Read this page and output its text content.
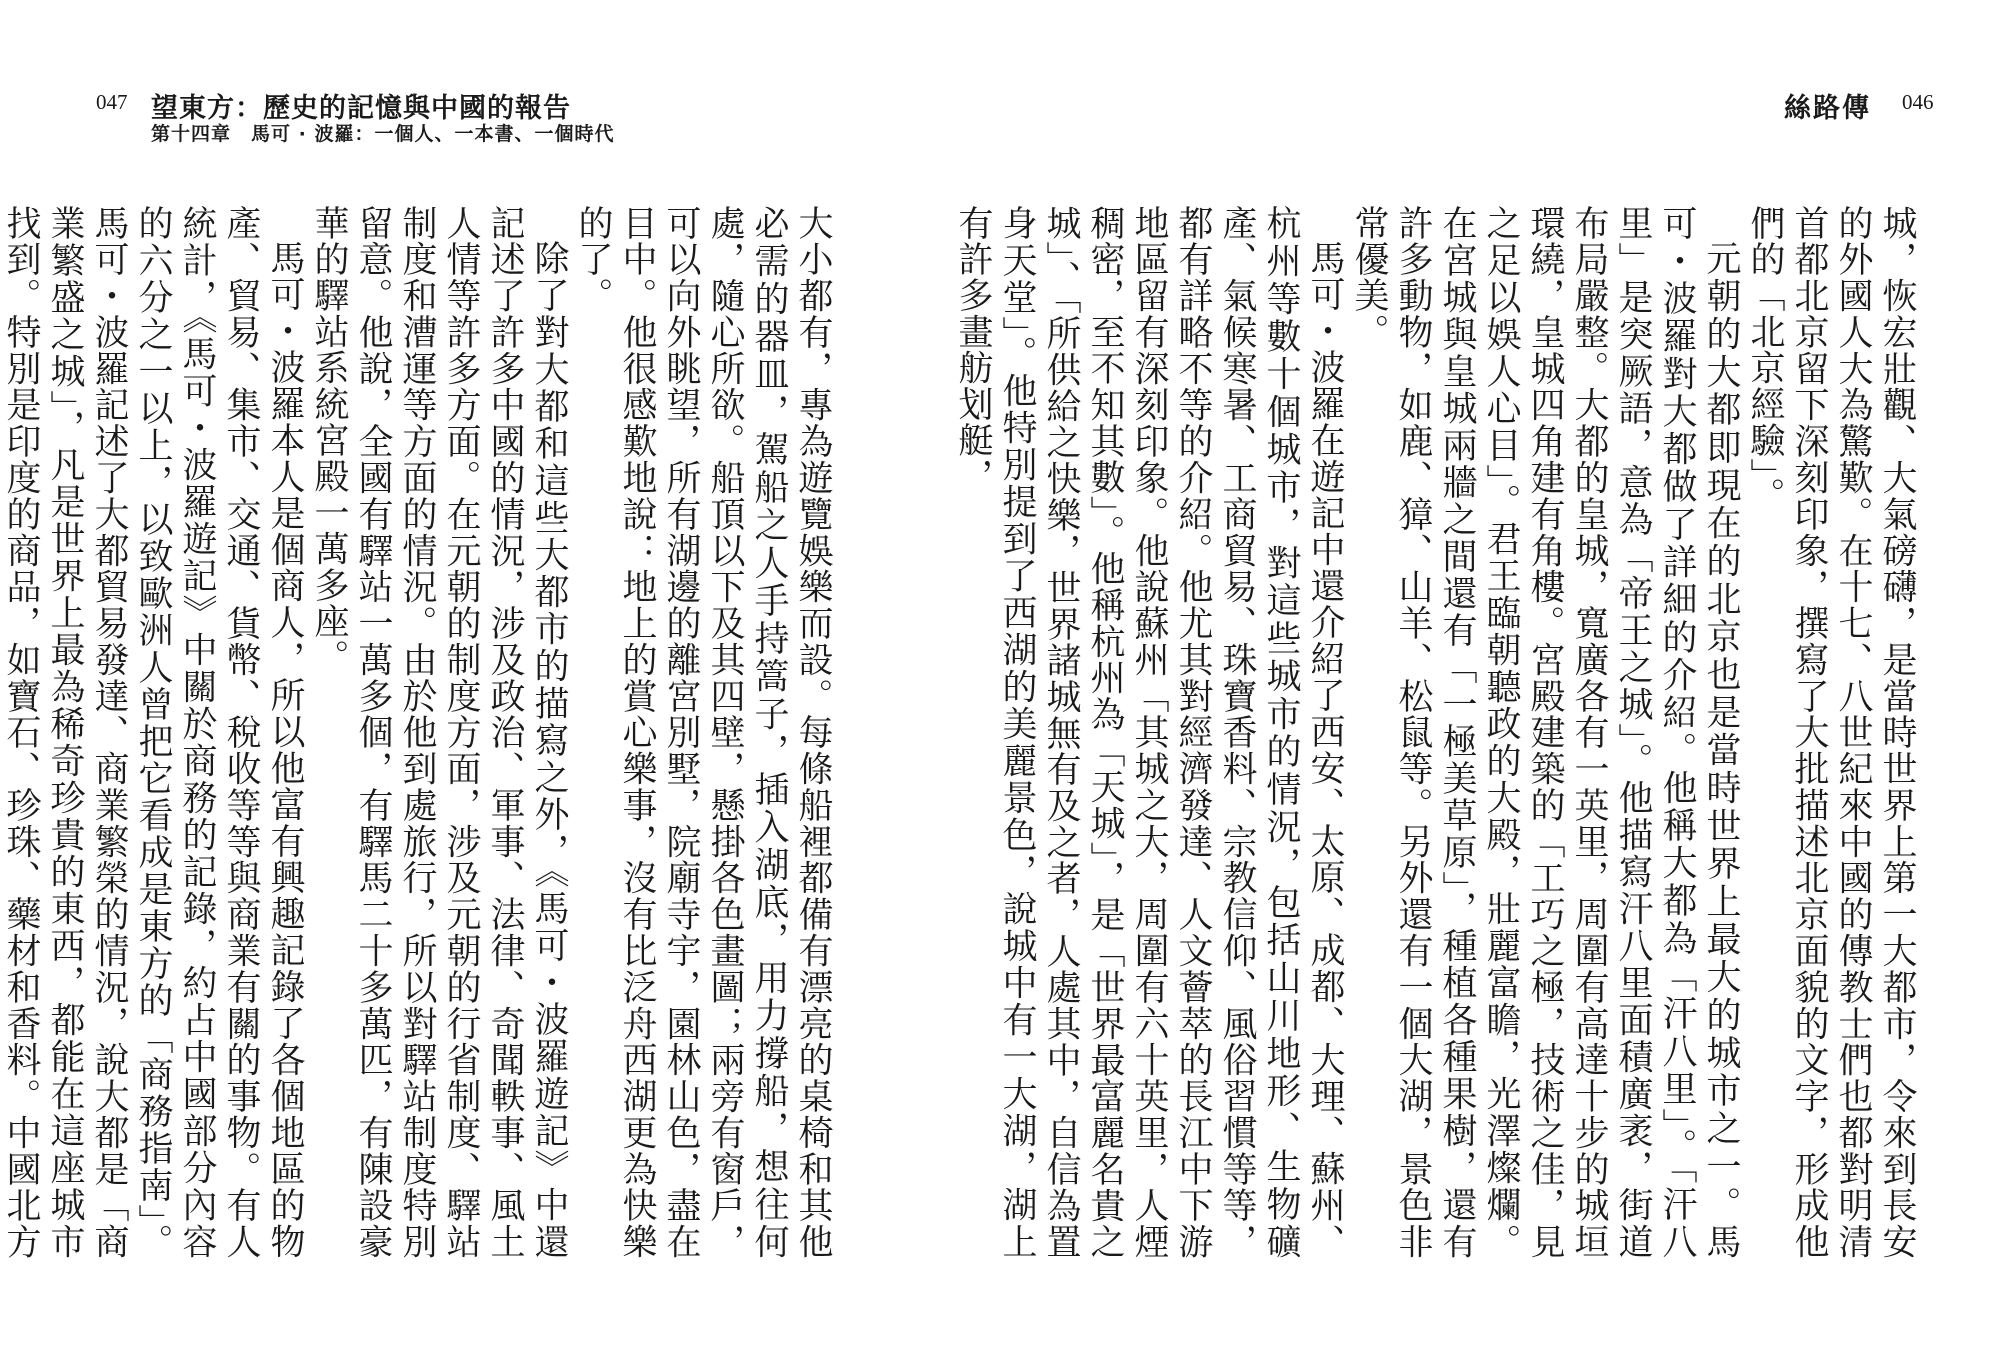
047 望東方：歷史的記憶與中國的報告
第十四章　馬可 · 波羅：一個人、一本書、一個時代

大小都有，專為遊覽娛樂而設。每條船裡都備有漂亮的桌椅和其他必需的器皿，駕船之人手持篙子，插入湖底，用力撐船，想往何處，隨心所欲。船頂以下及其四壁，懸掛各色畫圖；兩旁有窗戶，可以向外眺望，所有湖邊的離宮別墅，院廟寺宇，園林山色，盡在目中。他很感歎地說：地上的賞心樂事，沒有比泛舟西湖更為快樂的了。

除了對大都和這些大都市的描寫之外，《馬可・波羅遊記》中還記述了許多中國的情況，涉及政治、軍事、法律、奇聞軼事、風土人情等許多方面。在元朝的制度方面，涉及元朝的行省制度、驛站制度和漕運等方面的情況。由於他到處旅行，所以對驛站制度特別留意。他說，全國有驛站一萬多個，有驛馬二十多萬匹，有陳設豪華的驛站系統宮殿一萬多座。

馬可・波羅本人是個商人，所以他富有興趣記錄了各個地區的物產、貿易、集市、交通、貨幣、稅收等等與商業有關的事物。有人統計，《馬可・波羅遊記》中關於商務的記錄，約占中國部分內容的六分之一以上，以致歐洲人曾把它看成是東方的「商務指南」。馬可・波羅記述了大都貿易發達、商業繁榮的情況，說大都是「商業繁盛之城」，凡是世界上最為稀奇珍貴的東西，都能在這座城市找到。特別是印度的商品，如寶石、珍珠、藥材和香料。中國北方

絲路傳 046

城，恢宏壯觀、大氣磅礴，是當時世界上第一大都市，令來到長安的外國人大為驚歎。在十七、八世紀來中國的傳教士們也都對明清首都北京留下深刻印象，撰寫了大批描述北京面貌的文字，形成他們的「北京經驗」。

元朝的大都即現在的北京也是當時世界上最大的城市之一。馬可・波羅對大都做了詳細的介紹。他稱大都為「汗八里」。「汗八里」是突厥語，意為「帝王之城」。他描寫汗八里面積廣袤，街道布局嚴整。大都的皇城，寬廣各有一英里，周圍有高達十步的城垣環繞，皇城四角建有角樓。宮殿建築的「工巧之極，技術之佳，見之足以娛人心目」。君王臨朝聽政的大殿，壯麗富瞻，光澤燦爛。在宮城與皇城兩牆之間還有「一極美草原」，種植各種果樹，還有許多動物，如鹿、獐、山羊、松鼠等。另外還有一個大湖，景色非常優美。

馬可・波羅在遊記中還介紹了西安、太原、成都、大理、蘇州、杭州等數十個城市，對這些城市的情況，包括山川地形、生物礦產、氣候寒暑、工商貿易、珠寶香料、宗教信仰、風俗習慣等等，都有詳略不等的介紹。他尤其對經濟發達、人文薈萃的長江中下游地區留有深刻印象。他說蘇州「其城之大，周圍有六十英里，人煙稠密，至不知其數」。他稱杭州為「天城」，是「世界最富麗名貴之城」、「所供給之快樂，世界諸城無有及之者，人處其中，自信為置身天堂」。他特別提到了西湖的美麗景色，說城中有一大湖，湖上有許多畫舫划艇，
